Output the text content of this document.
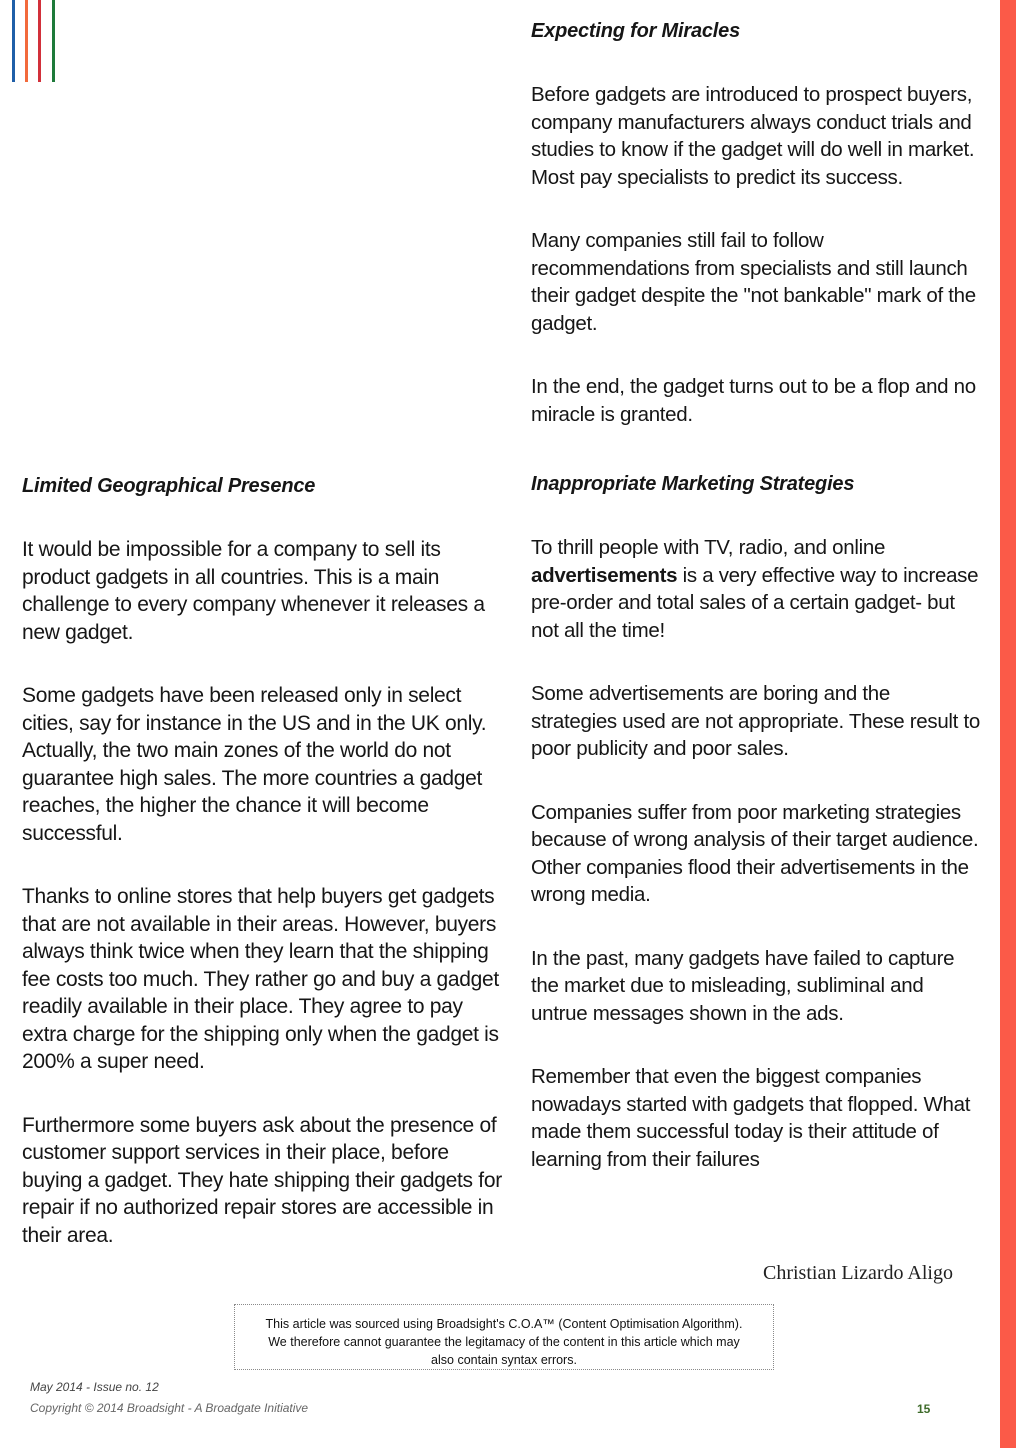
Limited Geographical Presence

It would be impossible for a company to sell its product gadgets in all countries. This is a main challenge to every company whenever it releases a new gadget.

Some gadgets have been released only in select cities, say for instance in the US and in the UK only. Actually, the two main zones of the world do not guarantee high sales. The more countries a gadget reaches, the higher the chance it will become successful.

Thanks to online stores that help buyers get gadgets that are not available in their areas. However, buyers always think twice when they learn that the shipping fee costs too much. They rather go and buy a gadget readily available in their place. They agree to pay extra charge for the shipping only when the gadget is 200% a super need.

Furthermore some buyers ask about the presence of customer support services in their place, before buying a gadget. They hate shipping their gadgets for repair if no authorized repair stores are accessible in their area.

Expecting for Miracles

Before gadgets are introduced to prospect buyers, company manufacturers always conduct trials and studies to know if the gadget will do well in market. Most pay specialists to predict its success.

Many companies still fail to follow recommendations from specialists and still launch their gadget despite the "not bankable" mark of the gadget.

In the end, the gadget turns out to be a flop and no miracle is granted.

Inappropriate Marketing Strategies

To thrill people with TV, radio, and online advertisements is a very effective way to increase pre-order and total sales of a certain gadget- but not all the time!

Some advertisements are boring and the strategies used are not appropriate. These result to poor publicity and poor sales.

Companies suffer from poor marketing strategies because of wrong analysis of their target audience. Other companies flood their advertisements in the wrong media.

In the past, many gadgets have failed to capture the market due to misleading, subliminal and untrue messages shown in the ads.

Remember that even the biggest companies nowadays started with gadgets that flopped. What made them successful today is their attitude of learning from their failures

Christian Lizardo Aligo
This article was sourced using Broadsight's C.O.A™ (Content Optimisation Algorithm).
We therefore cannot guarantee the legitamacy of the content in this article which may
also contain syntax errors.
May 2014 - Issue no. 12
Copyright © 2014 Broadsight - A Broadgate Initiative	15
